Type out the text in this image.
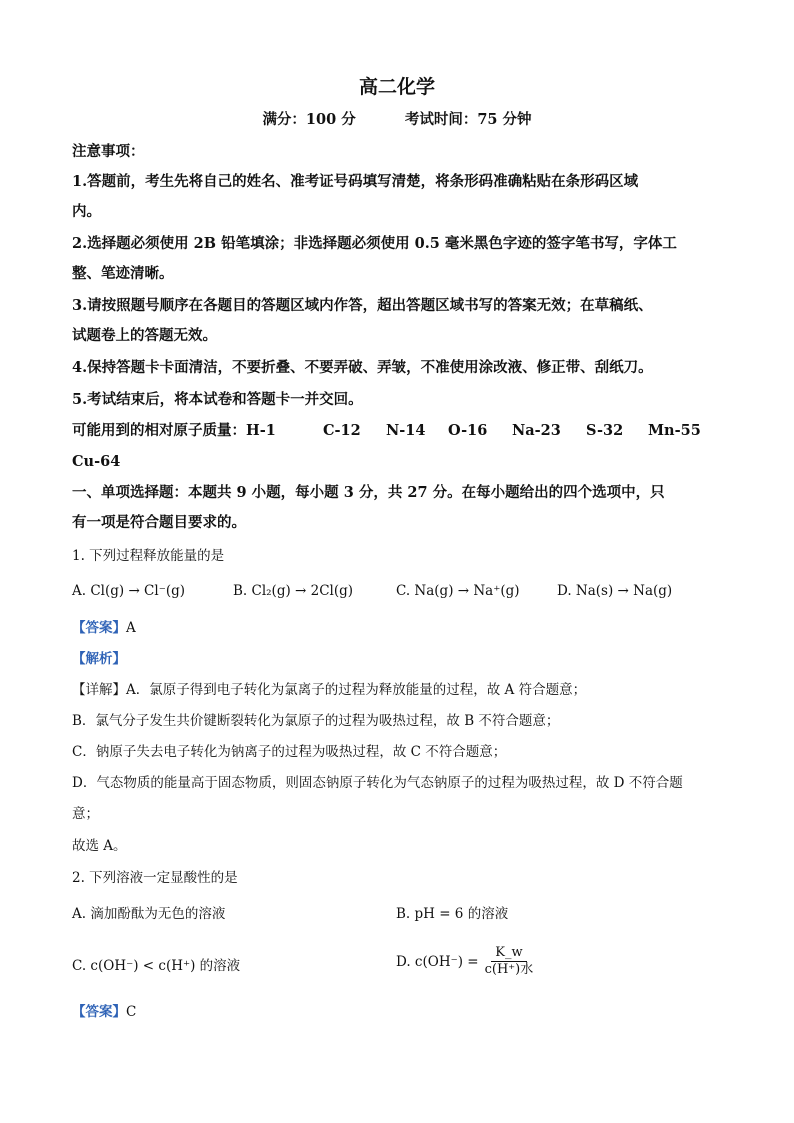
高二化学
满分：100 分	考试时间：75 分钟
注意事项：
1.答题前，考生先将自己的姓名、准考证号码填写清楚，将条形码准确粘贴在条形码区域
内。
2.选择题必须使用 2B 铅笔填涂；非选择题必须使用 0.5 毫米黑色字迹的签字笔书写，字体工
整、笔迹清晰。
3.请按照题号顺序在各题目的答题区域内作答，超出答题区域书写的答案无效；在草稿纸、
试题卷上的答题无效。
4.保持答题卡卡面清洁，不要折叠、不要弄破、弄皱，不准使用涂改液、修正带、刮纸刀。
5.考试结束后，将本试卷和答题卡一并交回。
可能用到的相对原子质量：H-1	C-12 N-14 O-16 Na-23 S-32 Mn-55
Cu-64
一、单项选择题：本题共 9 小题，每小题 3 分，共 27 分。在每小题给出的四个选项中，只
有一项是符合题目要求的。
1. 下列过程释放能量的是
A. Cl(g) → Cl⁻(g)	B. Cl₂(g) → 2Cl(g)	C. Na(g) → Na⁺(g)	D. Na(s) → Na(g)
【答案】A
【解析】
【详解】A．氯原子得到电子转化为氯离子的过程为释放能量的过程，故 A 符合题意；
B．氯气分子发生共价键断裂转化为氯原子的过程为吸热过程，故 B 不符合题意；
C．钠原子失去电子转化为钠离子的过程为吸热过程，故 C 不符合题意；
D．气态物质的能量高于固态物质，则固态钠原子转化为气态钠原子的过程为吸热过程，故 D 不符合题
意；
故选 A。
2. 下列溶液一定显酸性的是
A. 滴加酚酞为无色的溶液	B. pH = 6 的溶液
C. c(OH⁻) < c(H⁺) 的溶液	D. $c(OH^-) = \frac{K\_w}{\text{c(H⁺)水}}$
【答案】C
